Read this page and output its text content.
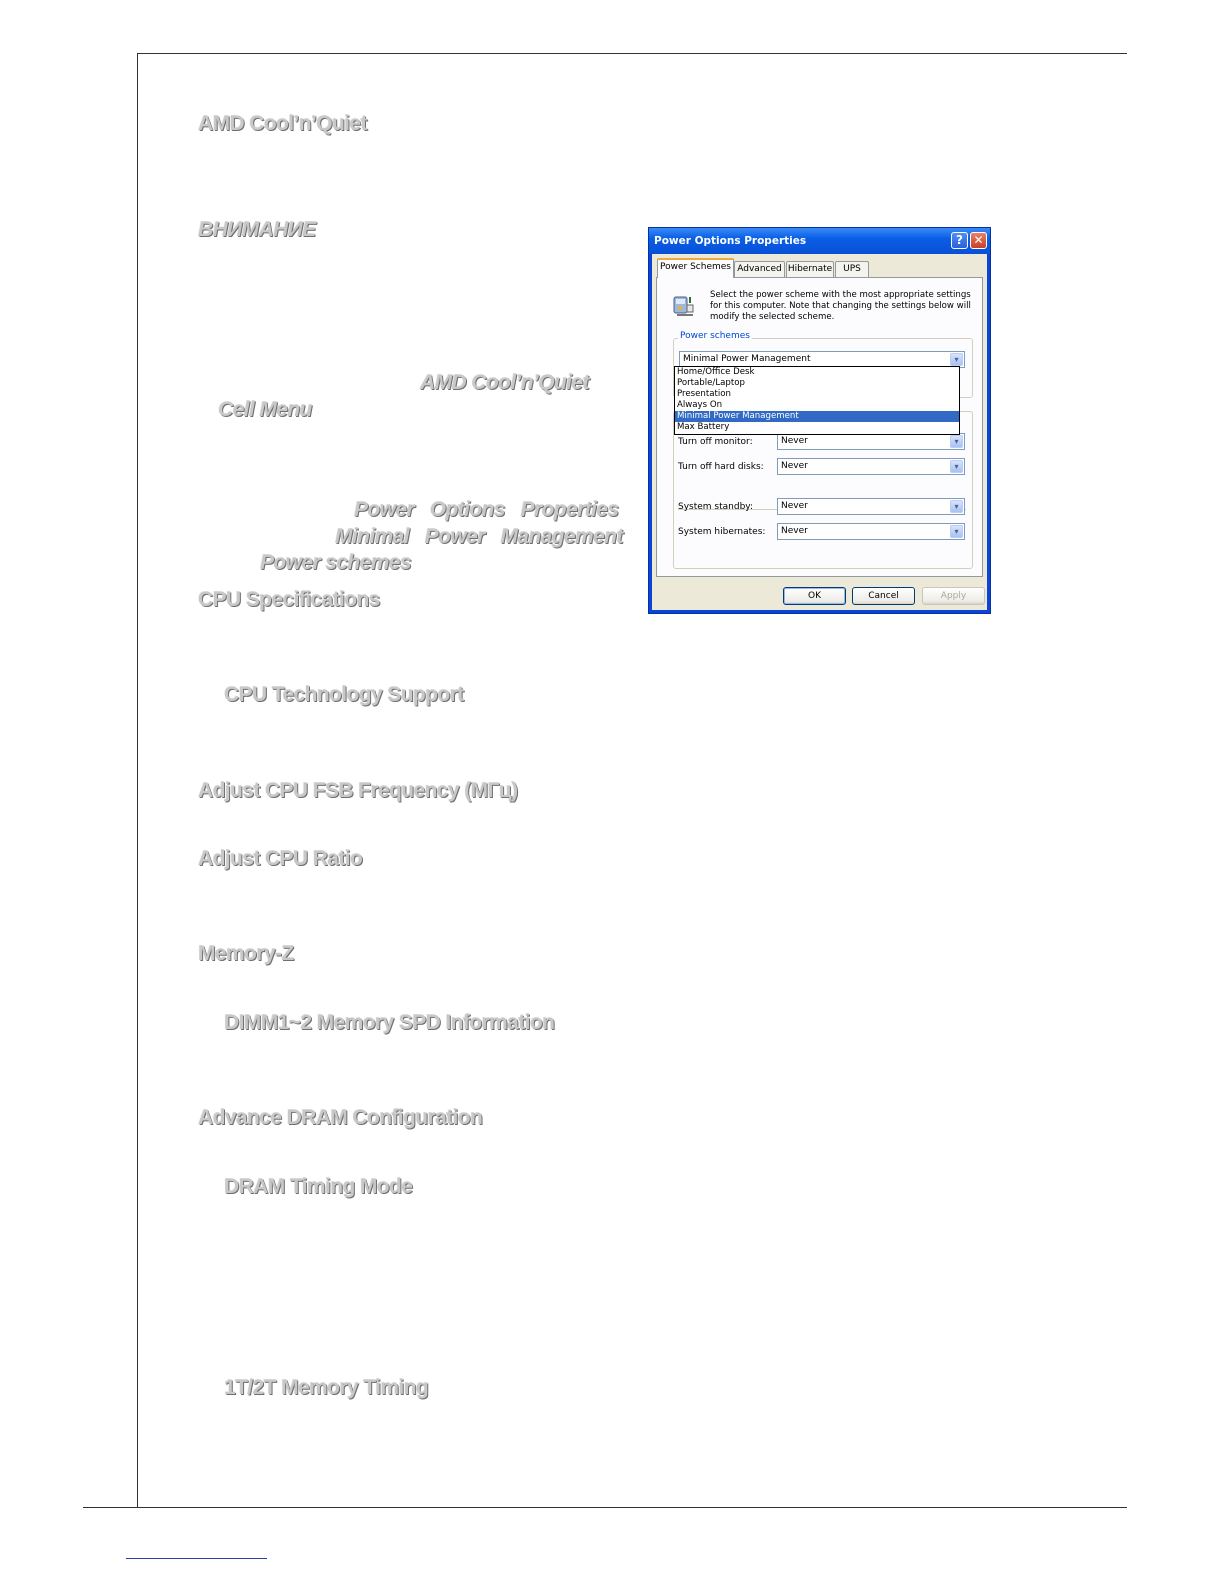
AMD Cool’n’Quiet
ВНИМАНИЕ
AMD Cool’n’Quiet
Cell Menu
Power   Options   Properties
Minimal   Power   Management
Power schemes
CPU Specifications
CPU Technology Support
Adjust CPU FSB Frequency (МГц)
Adjust CPU Ratio
Memory-Z
DIMM1~2 Memory SPD Information
Advance DRAM Configuration
DRAM Timing Mode
1T/2T Memory Timing
Power Options Properties	? ✕
Power Schemes Advanced Hibernate	UPS

Select the power scheme with the most appropriate settings for this computer. Note that changing the settings below will modify the selected scheme.

Power schemes
Minimal Power Management	▾
Turn off monitor:	Never	▾
Turn off hard disks: Never	▾
System standby:	Never	▾
System hibernates: Never	▾
Home/Office Desk
Portable/Laptop
Presentation
Always On
Minimal Power Management
Max Battery
OK	Cancel	Apply
